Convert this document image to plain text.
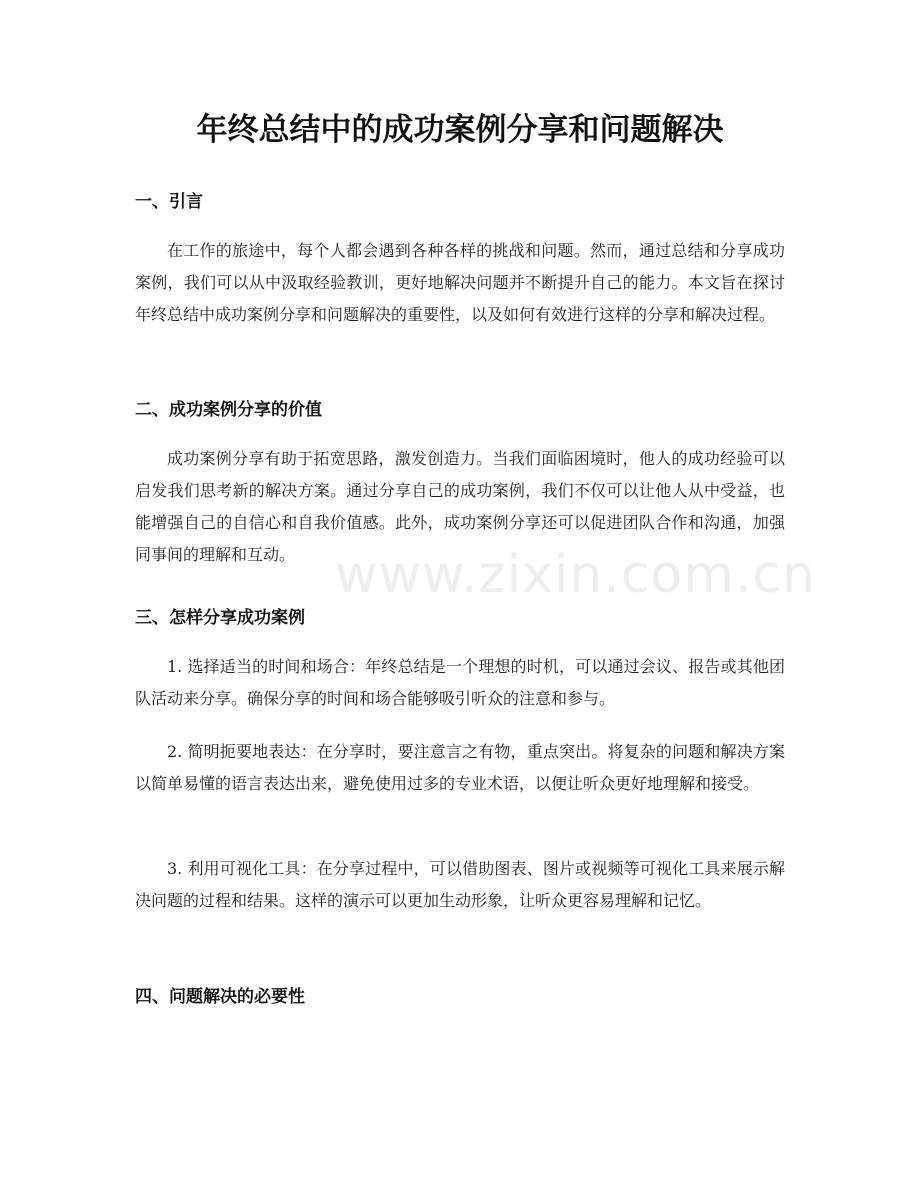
www.zixin.com.cn
年终总结中的成功案例分享和问题解决
一、引言

在工作的旅途中，每个人都会遇到各种各样的挑战和问题。然而，通过总结和分享成功案例，我们可以从中汲取经验教训，更好地解决问题并不断提升自己的能力。本文旨在探讨年终总结中成功案例分享和问题解决的重要性，以及如何有效进行这样的分享和解决过程。

二、成功案例分享的价值

成功案例分享有助于拓宽思路，激发创造力。当我们面临困境时，他人的成功经验可以启发我们思考新的解决方案。通过分享自己的成功案例，我们不仅可以让他人从中受益，也能增强自己的自信心和自我价值感。此外，成功案例分享还可以促进团队合作和沟通，加强同事间的理解和互动。

三、怎样分享成功案例

1. 选择适当的时间和场合：年终总结是一个理想的时机，可以通过会议、报告或其他团队活动来分享。确保分享的时间和场合能够吸引听众的注意和参与。

2. 简明扼要地表达：在分享时，要注意言之有物，重点突出。将复杂的问题和解决方案以简单易懂的语言表达出来，避免使用过多的专业术语，以便让听众更好地理解和接受。

3. 利用可视化工具：在分享过程中，可以借助图表、图片或视频等可视化工具来展示解决问题的过程和结果。这样的演示可以更加生动形象，让听众更容易理解和记忆。

四、问题解决的必要性
